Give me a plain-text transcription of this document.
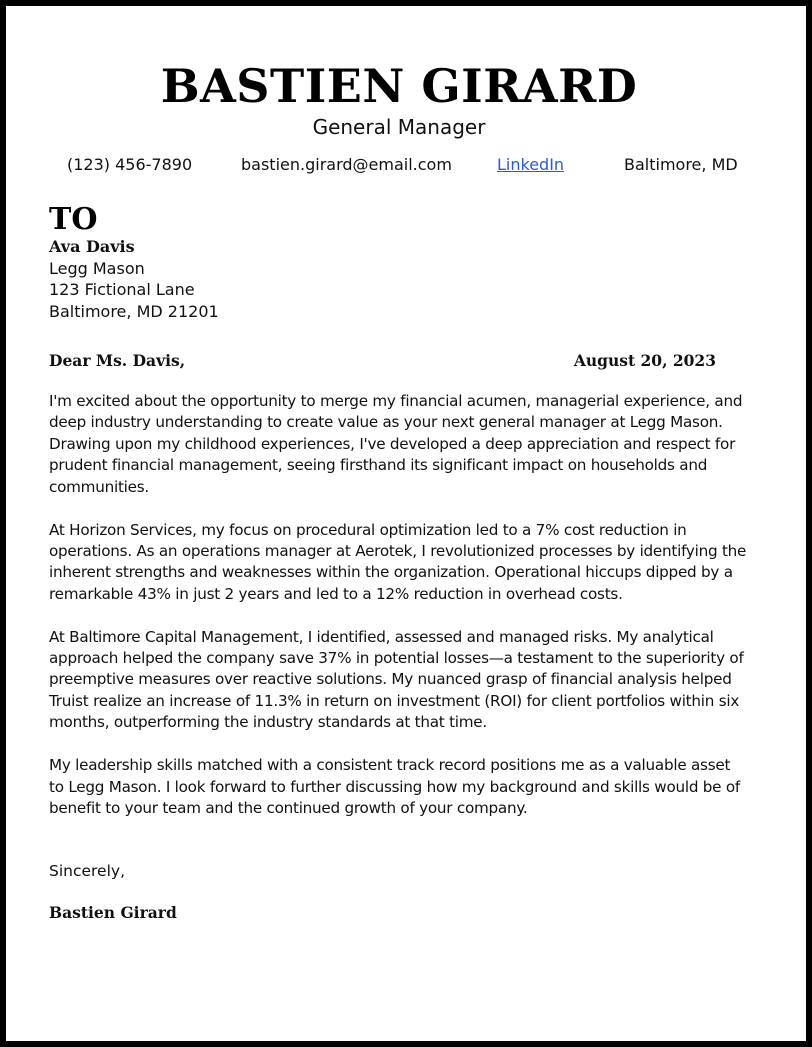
BASTIEN GIRARD
General Manager
(123) 456-7890	bastien.girard@email.com	LinkedIn	Baltimore, MD
TO
Ava Davis
Legg Mason
123 Fictional Lane
Baltimore, MD 21201
Dear Ms. Davis,	August 20, 2023

I'm excited about the opportunity to merge my financial acumen, managerial experience, and deep industry understanding to create value as your next general manager at Legg Mason. Drawing upon my childhood experiences, I've developed a deep appreciation and respect for prudent financial management, seeing firsthand its significant impact on households and communities.

At Horizon Services, my focus on procedural optimization led to a 7% cost reduction in operations. As an operations manager at Aerotek, I revolutionized processes by identifying the inherent strengths and weaknesses within the organization. Operational hiccups dipped by a remarkable 43% in just 2 years and led to a 12% reduction in overhead costs.

At Baltimore Capital Management, I identified, assessed and managed risks. My analytical approach helped the company save 37% in potential losses—a testament to the superiority of preemptive measures over reactive solutions. My nuanced grasp of financial analysis helped Truist realize an increase of 11.3% in return on investment (ROI) for client portfolios within six months, outperforming the industry standards at that time.

My leadership skills matched with a consistent track record positions me as a valuable asset to Legg Mason. I look forward to further discussing how my background and skills would be of benefit to your team and the continued growth of your company.

Sincerely,
Bastien Girard
